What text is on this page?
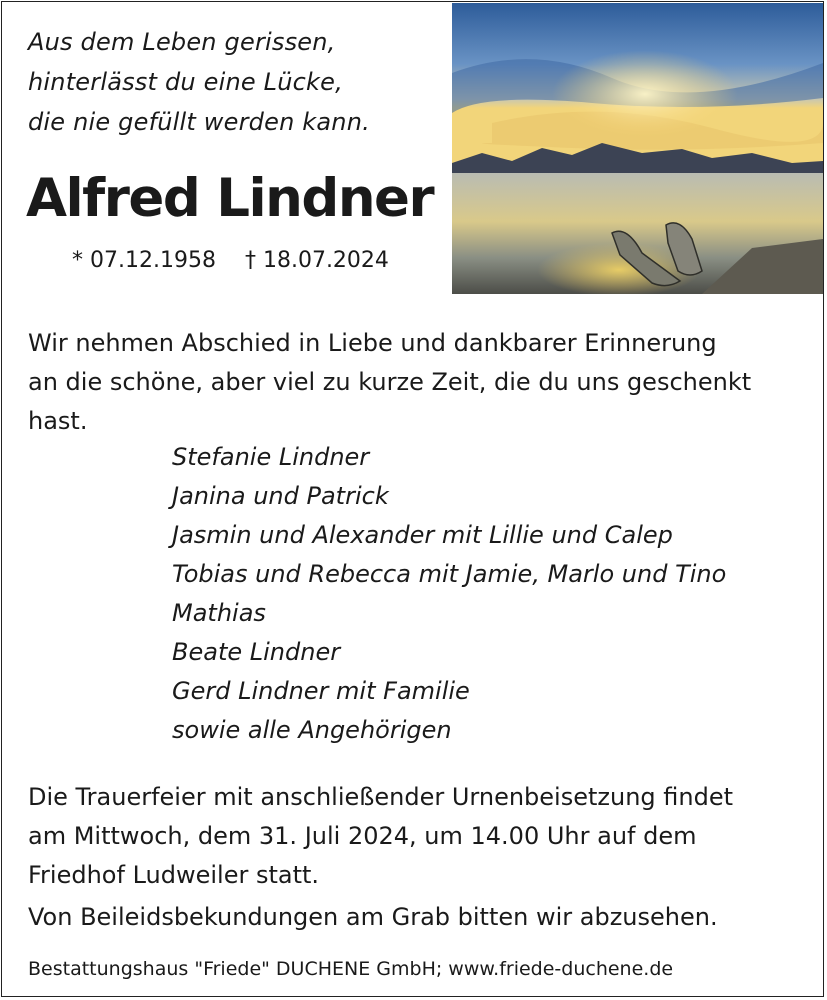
Aus dem Leben gerissen,
hinterlässt du eine Lücke,
die nie gefüllt werden kann.
Alfred Lindner
* 07.12.1958 † 18.07.2024
Wir nehmen Abschied in Liebe und dankbarer Erinnerung
an die schöne, aber viel zu kurze Zeit, die du uns geschenkt
hast.
Stefanie Lindner
Janina und Patrick
Jasmin und Alexander mit Lillie und Calep
Tobias und Rebecca mit Jamie, Marlo und Tino
Mathias
Beate Lindner
Gerd Lindner mit Familie
sowie alle Angehörigen
Die Trauerfeier mit anschließender Urnenbeisetzung findet
am Mittwoch, dem 31. Juli 2024, um 14.00 Uhr auf dem
Friedhof Ludweiler statt.
Von Beileidsbekundungen am Grab bitten wir abzusehen.
Bestattungshaus "Friede" DUCHENE GmbH; www.friede-duchene.de
